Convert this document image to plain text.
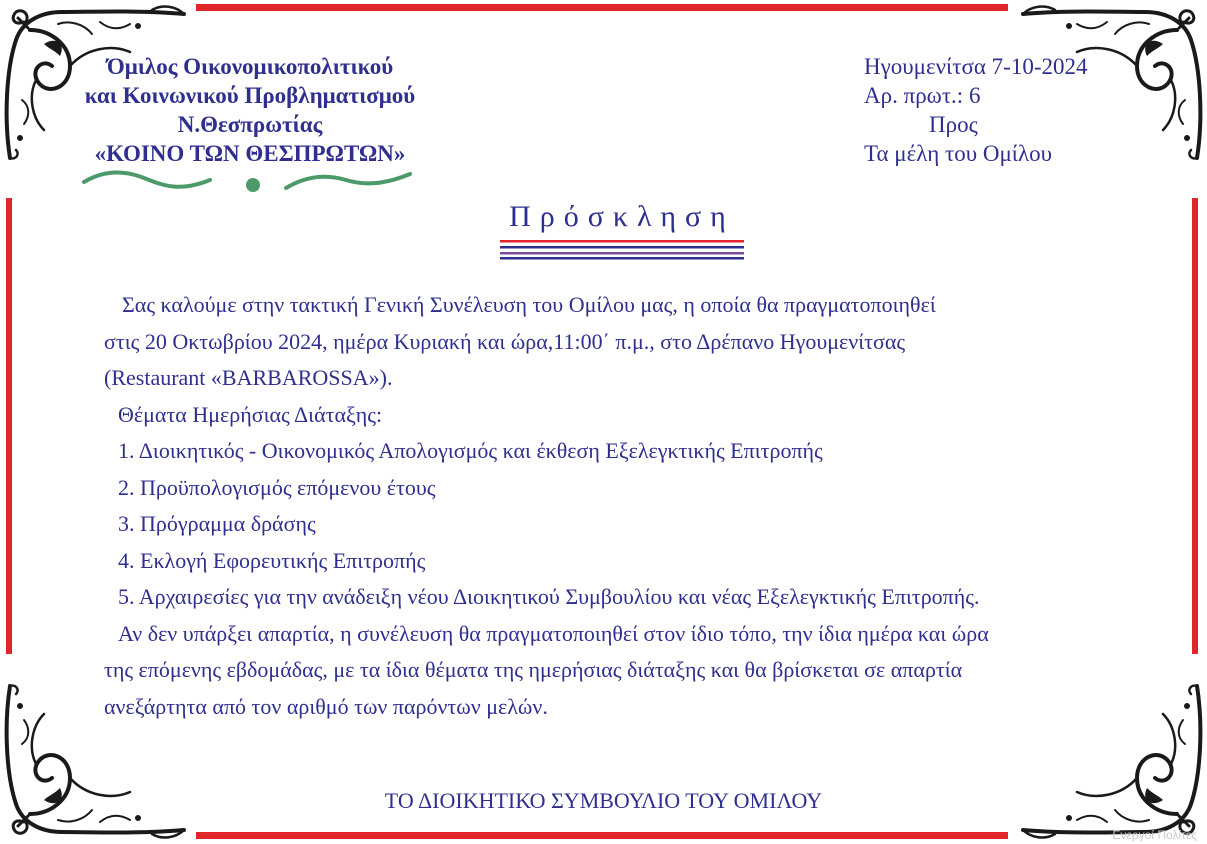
Όμιλος Οικονομικοπολιτικού
και Κοινωνικού Προβληματισμού
Ν.Θεσπρωτίας
«ΚΟΙΝΟ ΤΩΝ ΘΕΣΠΡΩΤΩΝ»
Ηγουμενίτσα 7-10-2024
Αρ. πρωτ.: 6
Προς
Τα μέλη του Ομίλου
Πρόσκληση

Σας καλούμε στην τακτική Γενική Συνέλευση του Ομίλου μας, η οποία θα πραγματοποιηθεί

στις 20 Οκτωβρίου 2024, ημέρα Κυριακή και ώρα,11:00΄ π.μ., στο Δρέπανο Ηγουμενίτσας

(Restaurant «BARBAROSSA»).

Θέματα Ημερήσιας Διάταξης:

1. Διοικητικός - Οικονομικός Απολογισμός και έκθεση Εξελεγκτικής Επιτροπής

2. Προϋπολογισμός επόμενου έτους

3. Πρόγραμμα δράσης

4. Εκλογή Εφορευτικής Επιτροπής

5. Αρχαιρεσίες για την ανάδειξη νέου Διοικητικού Συμβουλίου και νέας Εξελεγκτικής Επιτροπής.

Αν δεν υπάρξει απαρτία, η συνέλευση θα πραγματοποιηθεί στον ίδιο τόπο, την ίδια ημέρα και ώρα

της επόμενης εβδομάδας, με τα ίδια θέματα της ημερήσιας διάταξης και θα βρίσκεται σε απαρτία

ανεξάρτητα από τον αριθμό των παρόντων μελών.

ΤΟ ΔΙΟΙΚΗΤΙΚΟ ΣΥΜΒΟΥΛΙΟ ΤΟΥ ΟΜΙΛΟΥ
Ενεργοί Πολίτες
